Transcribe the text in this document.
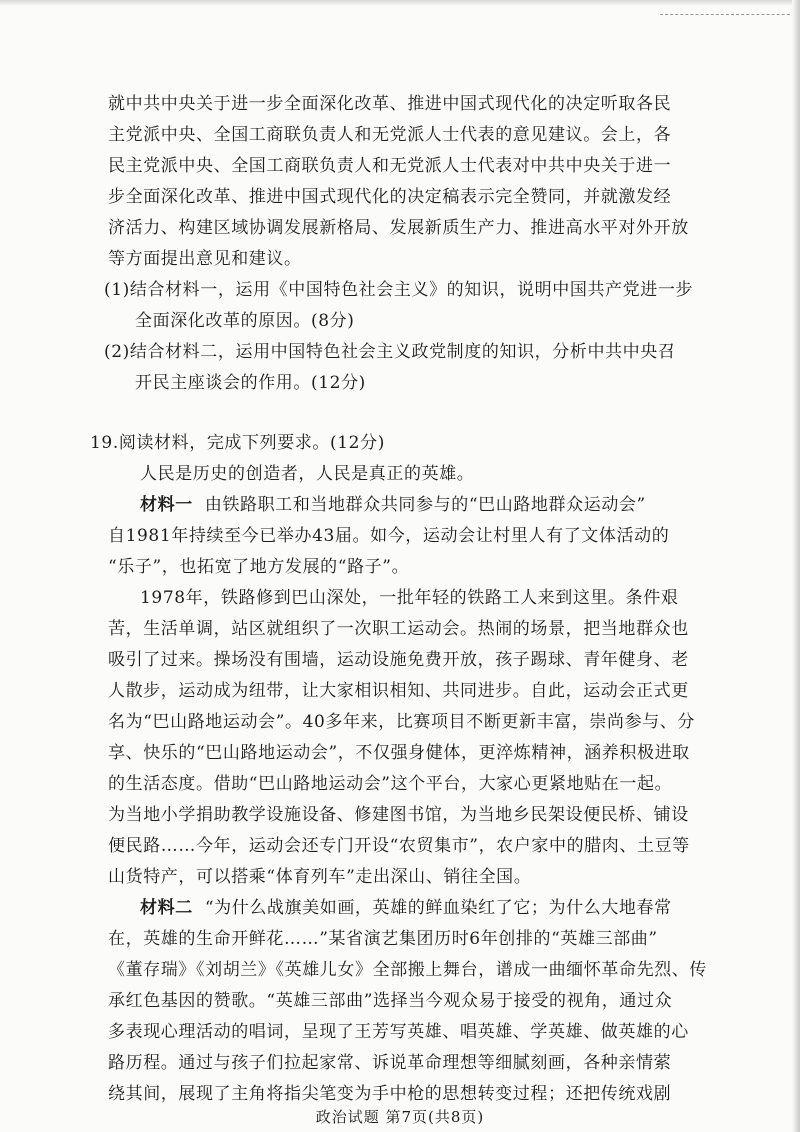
就中共中央关于进一步全面深化改革、推进中国式现代化的决定听取各民
主党派中央、全国工商联负责人和无党派人士代表的意见建议。会上，各
民主党派中央、全国工商联负责人和无党派人士代表对中共中央关于进一
步全面深化改革、推进中国式现代化的决定稿表示完全赞同，并就激发经
济活力、构建区域协调发展新格局、发展新质生产力、推进高水平对外开放
等方面提出意见和建议。
(1)结合材料一，运用《中国特色社会主义》的知识，说明中国共产党进一步
全面深化改革的原因。(8分)
(2)结合材料二，运用中国特色社会主义政党制度的知识，分析中共中央召
开民主座谈会的作用。(12分)
19.阅读材料，完成下列要求。(12分)
人民是历史的创造者，人民是真正的英雄。
材料一 由铁路职工和当地群众共同参与的“巴山路地群众运动会”
自1981年持续至今已举办43届。如今，运动会让村里人有了文体活动的
“乐子”，也拓宽了地方发展的“路子”。
1978年，铁路修到巴山深处，一批年轻的铁路工人来到这里。条件艰
苦，生活单调，站区就组织了一次职工运动会。热闹的场景，把当地群众也
吸引了过来。操场没有围墙，运动设施免费开放，孩子踢球、青年健身、老
人散步，运动成为纽带，让大家相识相知、共同进步。自此，运动会正式更
名为“巴山路地运动会”。40多年来，比赛项目不断更新丰富，崇尚参与、分
享、快乐的“巴山路地运动会”，不仅强身健体，更淬炼精神，涵养积极进取
的生活态度。借助“巴山路地运动会”这个平台，大家心更紧地贴在一起。
为当地小学捐助教学设施设备、修建图书馆，为当地乡民架设便民桥、铺设
便民路……今年，运动会还专门开设“农贸集市”，农户家中的腊肉、土豆等
山货特产，可以搭乘“体育列车”走出深山、销往全国。
材料二 “为什么战旗美如画，英雄的鲜血染红了它；为什么大地春常
在，英雄的生命开鲜花……”某省演艺集团历时6年创排的“英雄三部曲”
《董存瑞》《刘胡兰》《英雄儿女》全部搬上舞台，谱成一曲缅怀革命先烈、传
承红色基因的赞歌。“英雄三部曲”选择当今观众易于接受的视角，通过众
多表现心理活动的唱词，呈现了王芳写英雄、唱英雄、学英雄、做英雄的心
路历程。通过与孩子们拉起家常、诉说革命理想等细腻刻画，各种亲情萦
绕其间，展现了主角将指尖笔变为手中枪的思想转变过程；还把传统戏剧
政治试题 第7页(共8页)
